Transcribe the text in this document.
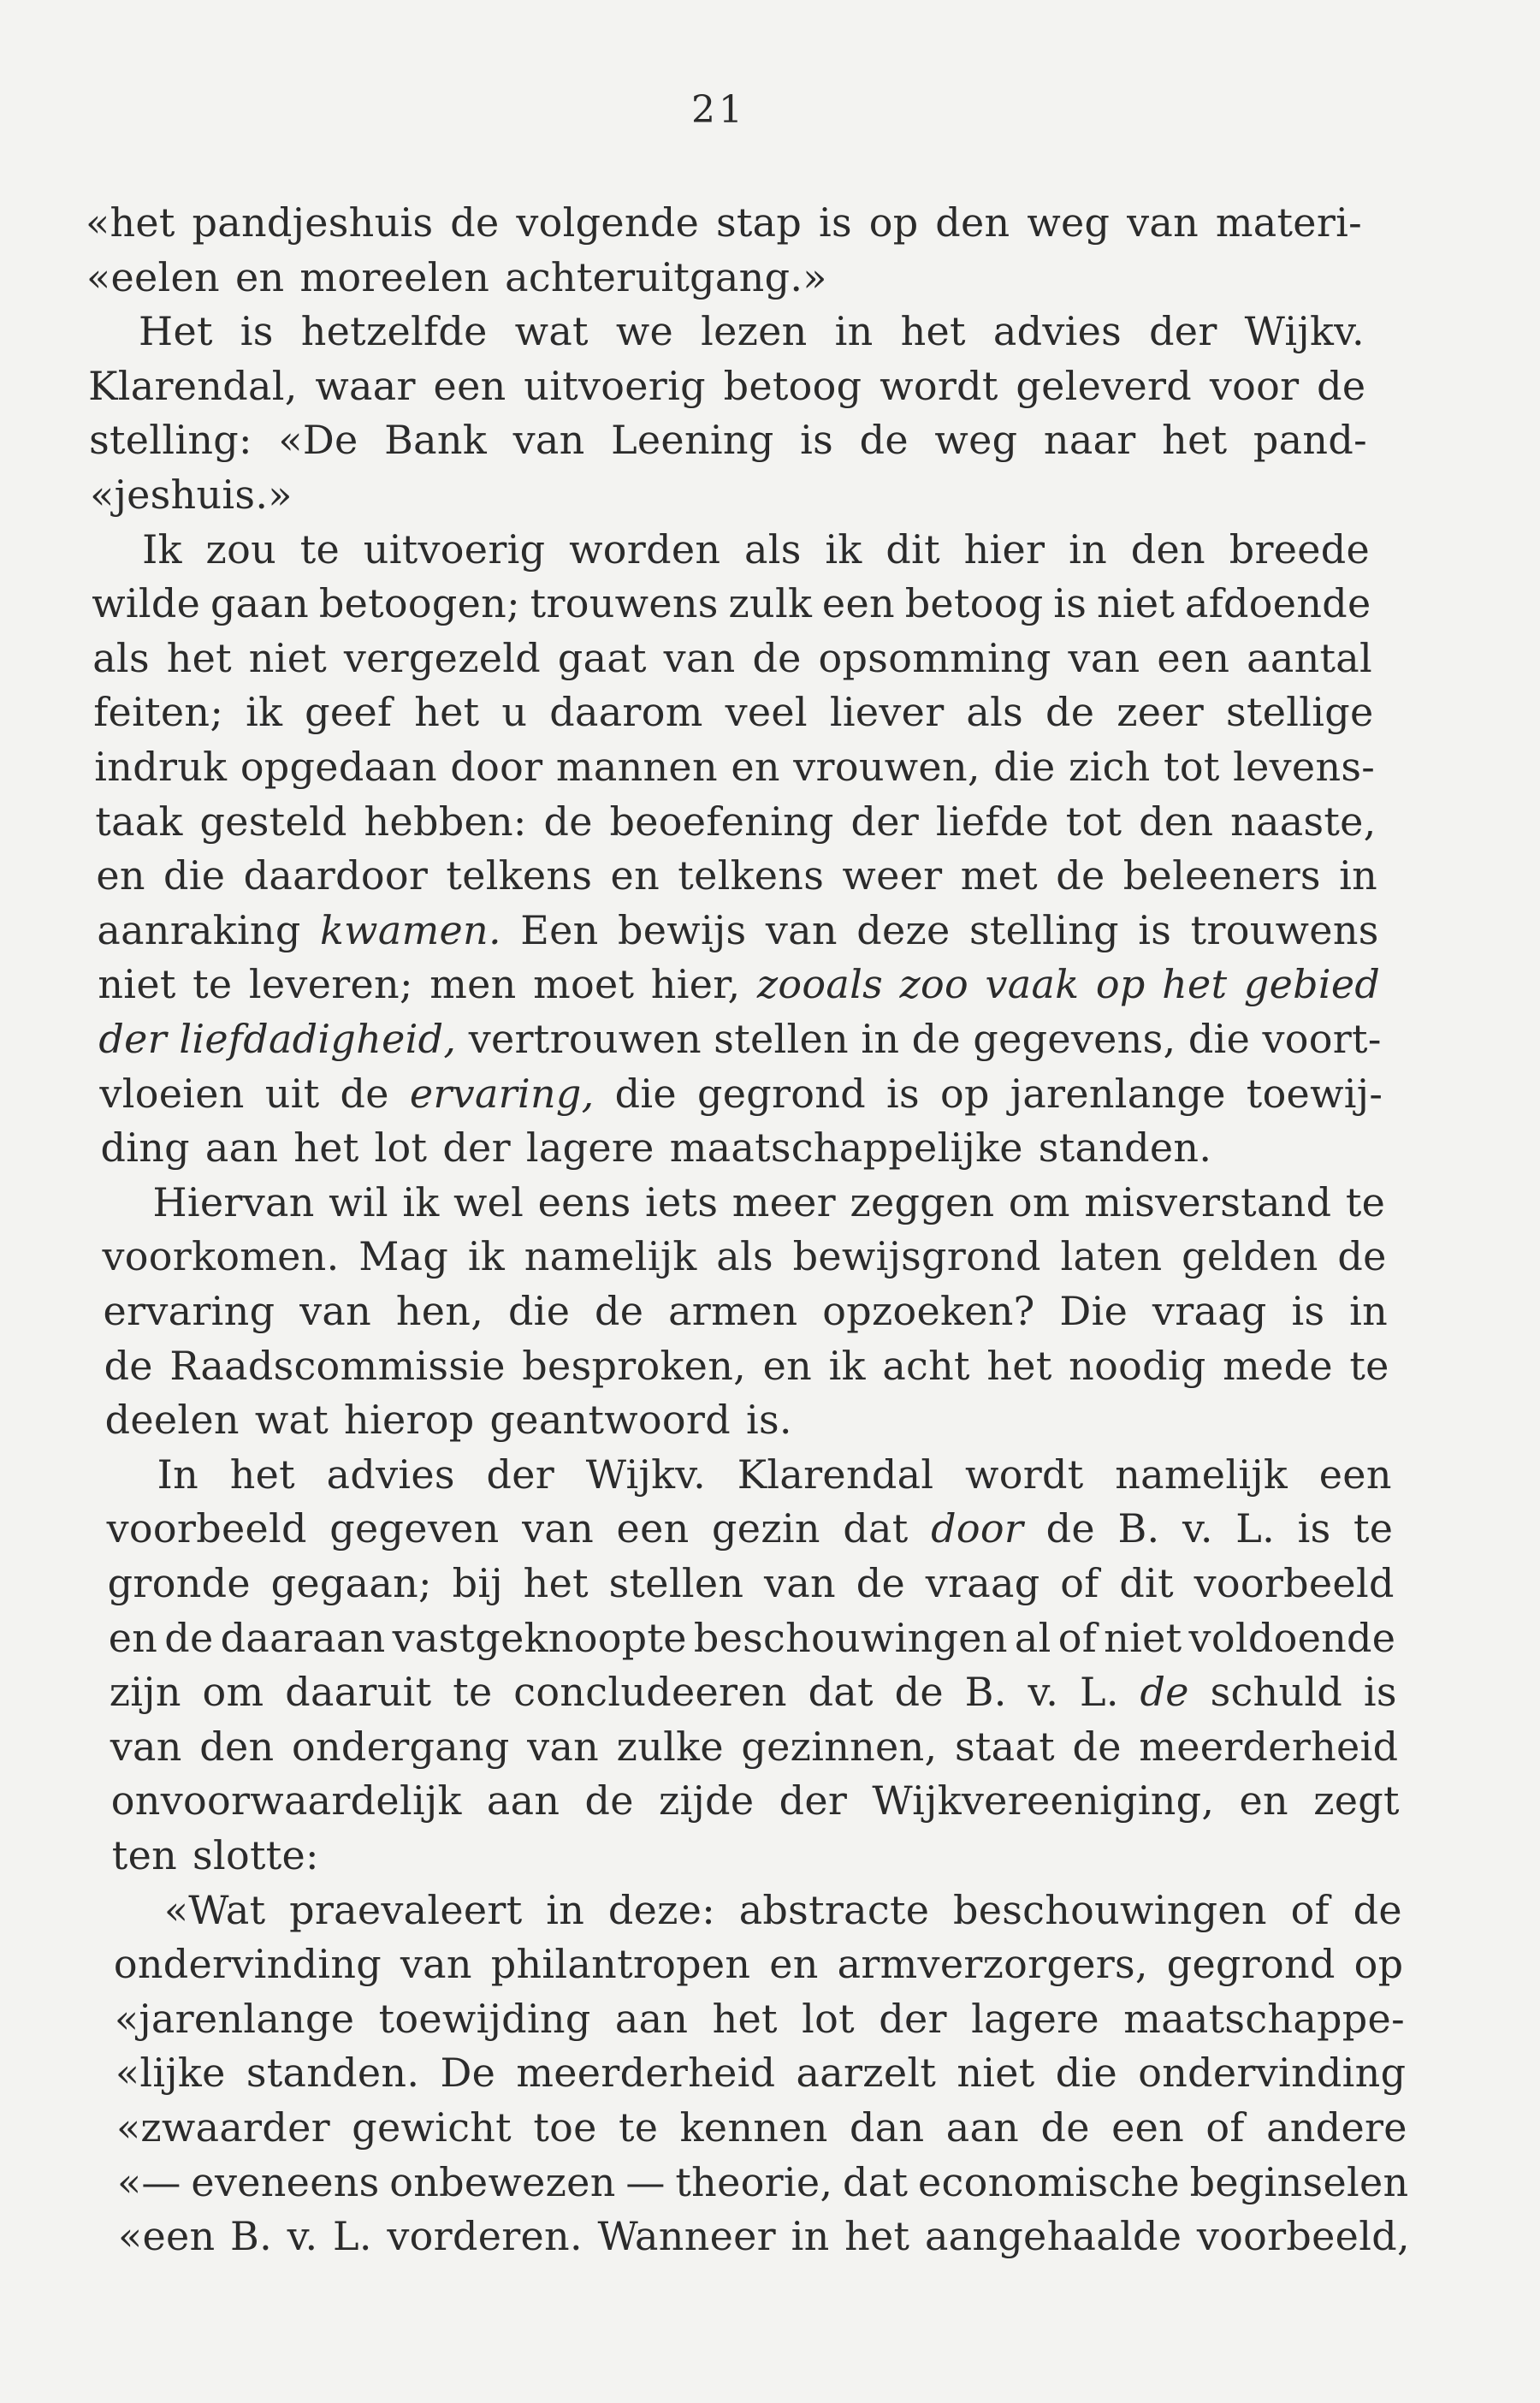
21
«het pandjeshuis de volgende stap is op den weg van materi-
«eelen en moreelen achteruitgang.»
Het is hetzelfde wat we lezen in het advies der Wijkv.
Klarendal, waar een uitvoerig betoog wordt geleverd voor de
stelling: «De Bank van Leening is de weg naar het pand-
«jeshuis.»
Ik zou te uitvoerig worden als ik dit hier in den breede
wilde gaan betoogen; trouwens zulk een betoog is niet afdoende
als het niet vergezeld gaat van de opsomming van een aantal
feiten; ik geef het u daarom veel liever als de zeer stellige
indruk opgedaan door mannen en vrouwen, die zich tot levens-
taak gesteld hebben: de beoefening der liefde tot den naaste,
en die daardoor telkens en telkens weer met de beleeners in
aanraking kwamen. Een bewijs van deze stelling is trouwens
niet te leveren; men moet hier, zooals zoo vaak op het gebied
der liefdadigheid, vertrouwen stellen in de gegevens, die voort-
vloeien uit de ervaring, die gegrond is op jarenlange toewij-
ding aan het lot der lagere maatschappelijke standen.
Hiervan wil ik wel eens iets meer zeggen om misverstand te
voorkomen. Mag ik namelijk als bewijsgrond laten gelden de
ervaring van hen, die de armen opzoeken? Die vraag is in
de Raadscommissie besproken, en ik acht het noodig mede te
deelen wat hierop geantwoord is.
In het advies der Wijkv. Klarendal wordt namelijk een
voorbeeld gegeven van een gezin dat door de B. v. L. is te
gronde gegaan; bij het stellen van de vraag of dit voorbeeld
en de daaraan vastgeknoopte beschouwingen al of niet voldoende
zijn om daaruit te concludeeren dat de B. v. L. de schuld is
van den ondergang van zulke gezinnen, staat de meerderheid
onvoorwaardelijk aan de zijde der Wijkvereeniging, en zegt
ten slotte:
«Wat praevaleert in deze: abstracte beschouwingen of de
ondervinding van philantropen en armverzorgers, gegrond op
«jarenlange toewijding aan het lot der lagere maatschappe-
«lijke standen. De meerderheid aarzelt niet die ondervinding
«zwaarder gewicht toe te kennen dan aan de een of andere
«— eveneens onbewezen — theorie, dat economische beginselen
«een B. v. L. vorderen. Wanneer in het aangehaalde voorbeeld,
